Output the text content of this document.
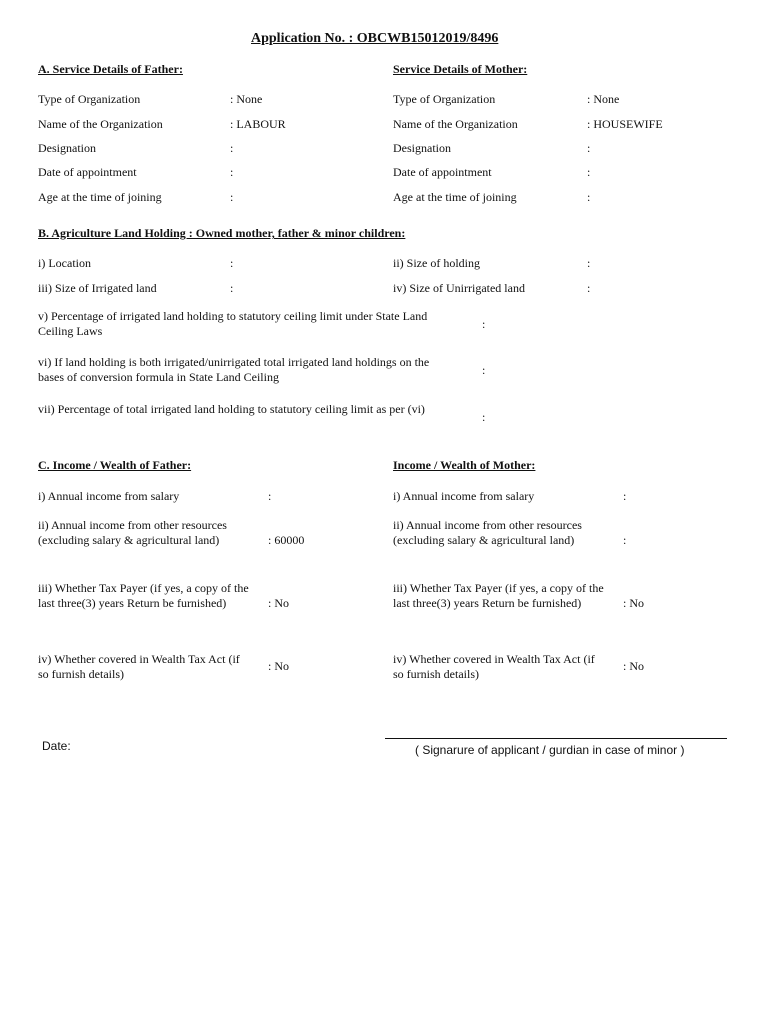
Application No. : OBCWB15012019/8496
A. Service Details of Father:	Service Details of Mother:
Type of Organization	: None
Name of the Organization	: LABOUR
Designation	:
Date of appointment	:
Age at the time of joining	:
Type of Organization	: None
Name of the Organization	: HOUSEWIFE
Designation	:
Date of appointment	:
Age at the time of joining	:
B. Agriculture Land Holding : Owned mother, father & minor children:
i) Location	:	ii) Size of holding	:
iii) Size of Irrigated land	:	iv) Size of Unirrigated land	:
v) Percentage of irrigated land holding to statutory ceiling limit under State Land Ceiling Laws	:
vi) If land holding is both irrigated/unirrigated total irrigated land holdings on the bases of conversion formula in State Land Ceiling	:
vii) Percentage of total irrigated land holding to statutory ceiling limit as per (vi)
:
C. Income / Wealth of Father:	Income / Wealth of Mother:
i) Annual income from salary	:
ii) Annual income from other resources (excluding salary & agricultural land)	: 60000
iii) Whether Tax Payer (if yes, a copy of the last three(3) years Return be furnished)	: No
iv) Whether covered in Wealth Tax Act (if so furnish details)
: No
i) Annual income from salary	:
ii) Annual income from other resources (excluding salary & agricultural land)	:
iii) Whether Tax Payer (if yes, a copy of the last three(3) years Return be furnished)	: No
iv) Whether covered in Wealth Tax Act (if so furnish details)
: No
Date:	( Signarure of applicant / gurdian in case of minor )
